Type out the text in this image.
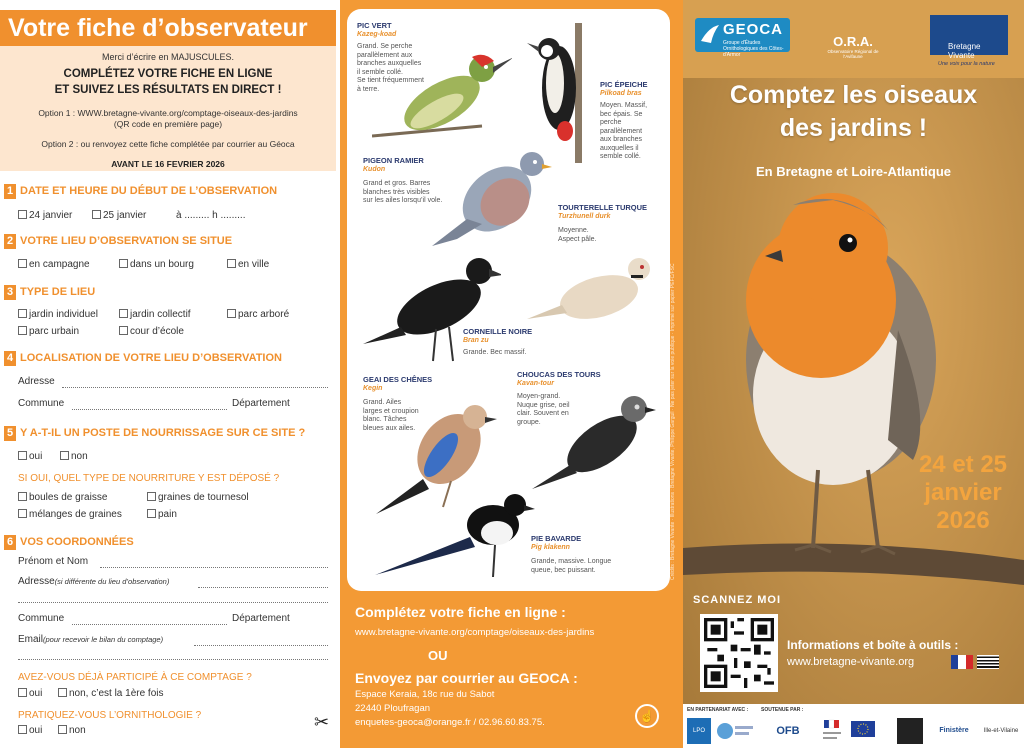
Votre fiche d’observateur
Merci d’écrire en MAJUSCULES.
COMPLÉTEZ VOTRE FICHE EN LIGNE
ET SUIVEZ LES RÉSULTATS EN DIRECT !
Option 1 : WWW.bretagne-vivante.org/comptage-oiseaux-des-jardins
(QR code en première page)
Option 2 : ou renvoyez cette fiche complétée par courrier au Géoca
AVANT LE 16 FEVRIER 2026
1 DATE ET HEURE DU DÉBUT DE L’OBSERVATION
24 janvier	25 janvier	à ......... h .........
2 VOTRE LIEU D’OBSERVATION SE SITUE
en campagne	dans un bourg	en ville
3 TYPE DE LIEU
jardin individuel	jardin collectif	parc arboré
parc urbain	cour d’école
4 LOCALISATION DE VOTRE LIEU D’OBSERVATION
Adresse
Commune	Département
5 Y A-T-IL UN POSTE DE NOURRISSAGE SUR CE SITE ?
oui	non
SI OUI, QUEL TYPE DE NOURRITURE Y EST DÉPOSÉ ?
boules de graisse	graines de tournesol
mélanges de graines	pain
6 VOS COORDONNÉES
Prénom et Nom
Adresse(si différente du lieu d’observation)
Commune	Département
Email(pour recevoir le bilan du comptage)
AVEZ-VOUS DÉJÀ PARTICIPÉ À CE COMPTAGE ?
oui	non, c’est la 1ère fois
PRATIQUEZ-VOUS L’ORNITHOLOGIE ?
oui	non	✂
PIC VERT
Kazeg-koad
Grand. Se perche
parallèlement aux
branches auxquelles
il semble collé.
Se tient fréquemment
à terre.	PIC ÉPEICHE
Pilkoad bras
Moyen. Massif,
bec épais. Se
perche
parallèlement
aux branches
auxquelles il
semble collé.
PIGEON RAMIER
Kudon
Grand et gros. Barres
blanches très visibles
sur les ailes lorsqu’il vole.
TOURTERELLE TURQUE
Turzhunell durk
Moyenne.
Aspect pâle.
CORNEILLE NOIRE
Bran zu
Grande. Bec massif.
GEAI DES CHÊNES
Kegin
Grand. Ailes
larges et croupion
blanc. Tâches
bleues aux ailes.
CHOUCAS DES TOURS
Kavan-tour
Moyen-grand.
Nuque grise, oeil
clair. Souvent en
groupe.
PIE BAVARDE
Pig klakenn
Grande, massive. Longue
queue, bec puissant.	Crédits : Bretagne Vivante · Illustrations : Bretagne Vivante, Philippe Garguil · Ne pas jeter sur la voie publique · Imprimé sur papier PEFC/FSC
Complétez votre fiche en ligne :
www.bretagne-vivante.org/comptage/oiseaux-des-jardins
OU
Envoyez par courrier au GEOCA :
Espace Keraia, 18c rue du Sabot
22440 Ploufragan
enquetes-geoca@orange.fr / 02.96.60.83.75.	☝
GEOCA
Groupe d'Études Ornithologiques des Côtes-d'Armor
O.R.A.
Observatoire Régional de l'Avifaune
Bretagne Vivante
Une voix pour la nature
Comptez les oiseaux
des jardins !
En Bretagne et Loire-Atlantique
24 et 25
janvier
2026
SCANNEZ MOI
Informations et boîte à outils :
www.bretagne-vivante.org
EN PARTENARIAT AVEC :	SOUTENUE PAR :
LPO	OFB	Finistère	Ille-et-Vilaine
